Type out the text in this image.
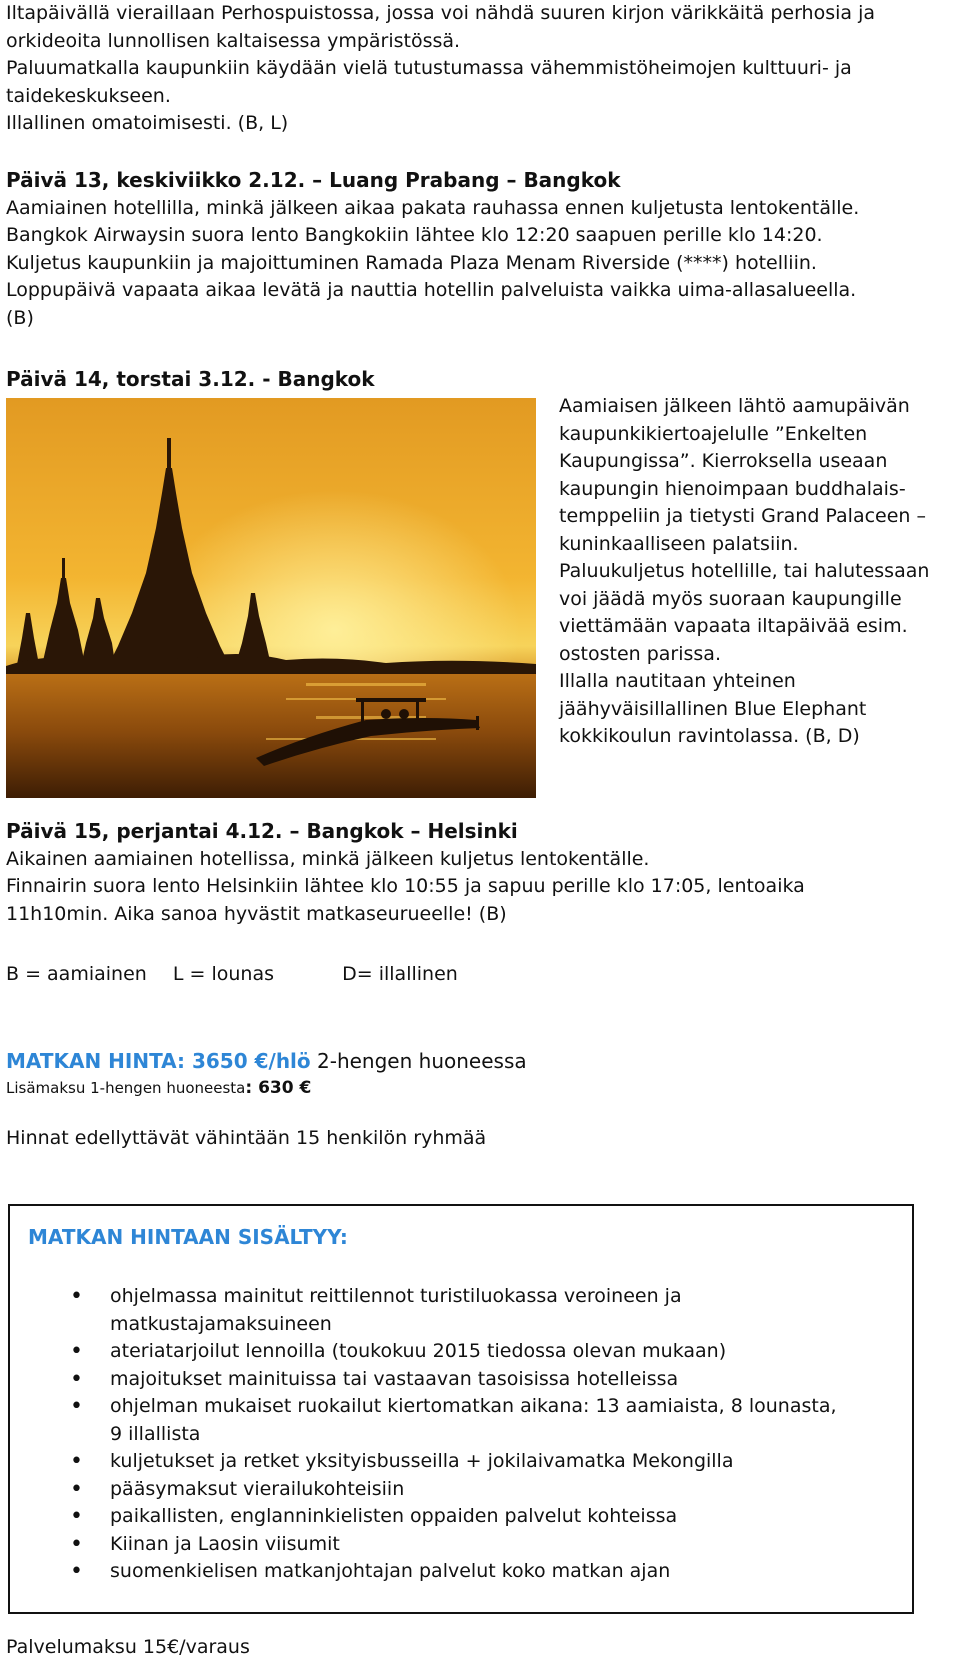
Iltapäivällä vieraillaan Perhospuistossa, jossa voi nähdä suuren kirjon värikkäitä perhosia ja orkideoita lunnollisen kaltaisessa ympäristössä.

Paluumatkalla kaupunkiin käydään vielä tutustumassa vähemmistöheimojen kulttuuri- ja taidekeskukseen.

Illallinen omatoimisesti. (B, L)

Päivä 13, keskiviikko 2.12. – Luang Prabang – Bangkok

Aamiainen hotellilla, minkä jälkeen aikaa pakata rauhassa ennen kuljetusta lentokentälle.

Bangkok Airwaysin suora lento Bangkokiin lähtee klo 12:20 saapuen perille klo 14:20.

Kuljetus kaupunkiin ja majoittuminen Ramada Plaza Menam Riverside (****) hotelliin.

Loppupäivä vapaata aikaa levätä ja nauttia hotellin palveluista vaikka uima-allasalueella.

(B)

Päivä 14, torstai 3.12. - Bangkok

Aamiaisen jälkeen lähtö aamupäivän

kaupunkikiertoajelulle ”Enkelten

Kaupungissa”. Kierroksella useaan

kaupungin hienoimpaan buddhalais-

temppeliin ja tietysti Grand Palaceen –

kuninkaalliseen palatsiin.

Paluukuljetus hotellille, tai halutessaan

voi jäädä myös suoraan kaupungille

viettämään vapaata iltapäivää esim.

ostosten parissa.

Illalla nautitaan yhteinen

jäähyväisillallinen Blue Elephant

kokkikoulun ravintolassa. (B, D)

Päivä 15, perjantai 4.12. – Bangkok – Helsinki

Aikainen aamiainen hotellissa, minkä jälkeen kuljetus lentokentälle.

Finnairin suora lento Helsinkiin lähtee klo 10:55 ja sapuu perille klo 17:05, lentoaika

11h10min. Aika sanoa hyvästit matkaseurueelle! (B)

B = aamiainen L = lounas	D= illallinen

MATKAN HINTA: 3650 €/hlö 2-hengen huoneessa

Lisämaksu 1-hengen huoneesta: 630 €

Hinnat edellyttävät vähintään 15 henkilön ryhmää

MATKAN HINTAAN SISÄLTYY:
• ohjelmassa mainitut reittilennot turistiluokassa veroineen ja
matkustajamaksuineen
• ateriatarjoilut lennoilla (toukokuu 2015 tiedossa olevan mukaan)
• majoitukset mainituissa tai vastaavan tasoisissa hotelleissa
• ohjelman mukaiset ruokailut kiertomatkan aikana: 13 aamiaista, 8 lounasta,
9 illallista
• kuljetukset ja retket yksityisbusseilla + jokilaivamatka Mekongilla
• pääsymaksut vierailukohteisiin
• paikallisten, englanninkielisten oppaiden palvelut kohteissa
• Kiinan ja Laosin viisumit
• suomenkielisen matkanjohtajan palvelut koko matkan ajan

Palvelumaksu 15€/varaus
